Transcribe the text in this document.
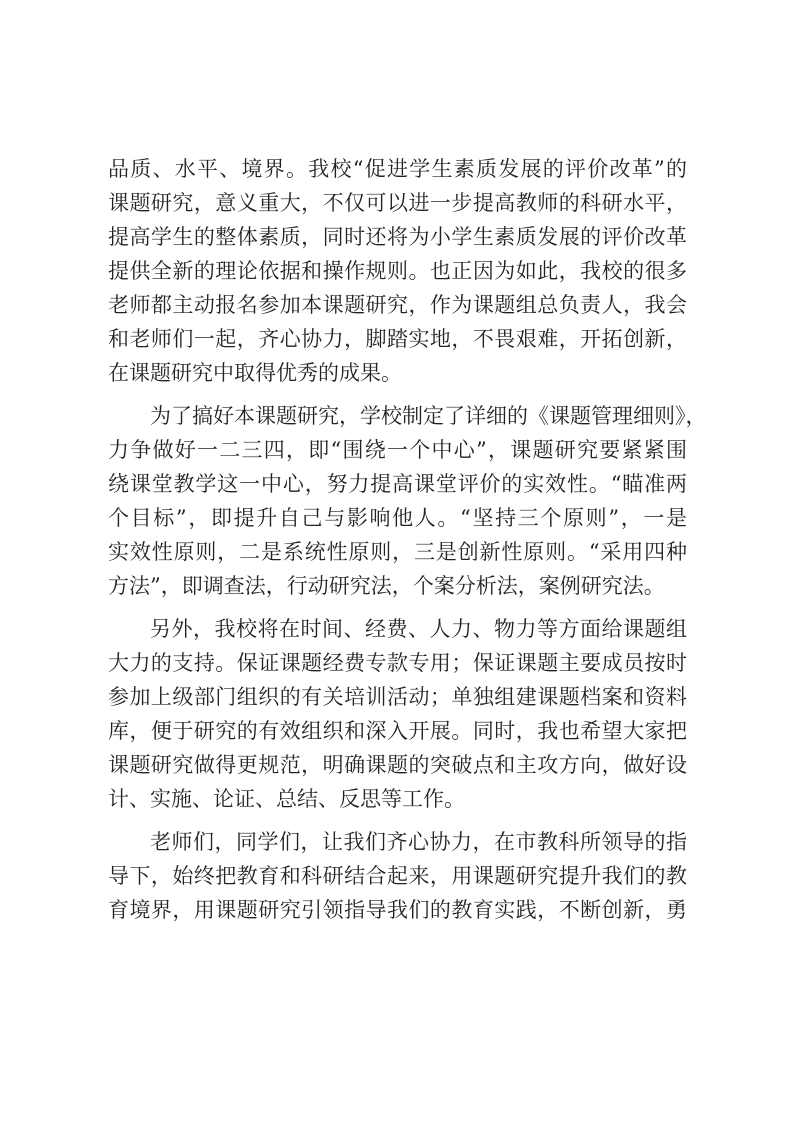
品质、水平、境界。我校“促进学生素质发展的评价改革”的
课题研究，意义重大，不仅可以进一步提高教师的科研水平，
提高学生的整体素质，同时还将为小学生素质发展的评价改革
提供全新的理论依据和操作规则。也正因为如此，我校的很多
老师都主动报名参加本课题研究，作为课题组总负责人，我会
和老师们一起，齐心协力，脚踏实地，不畏艰难，开拓创新，
在课题研究中取得优秀的成果。

为了搞好本课题研究，学校制定了详细的《课题管理细则》，
力争做好一二三四，即“围绕一个中心”，课题研究要紧紧围
绕课堂教学这一中心，努力提高课堂评价的实效性。“瞄准两
个目标”，即提升自己与影响他人。“坚持三个原则”，一是
实效性原则，二是系统性原则，三是创新性原则。“采用四种
方法”，即调查法，行动研究法，个案分析法，案例研究法。

另外，我校将在时间、经费、人力、物力等方面给课题组
大力的支持。保证课题经费专款专用；保证课题主要成员按时
参加上级部门组织的有关培训活动；单独组建课题档案和资料
库，便于研究的有效组织和深入开展。同时，我也希望大家把
课题研究做得更规范，明确课题的突破点和主攻方向，做好设
计、实施、论证、总结、反思等工作。

老师们，同学们，让我们齐心协力，在市教科所领导的指
导下，始终把教育和科研结合起来，用课题研究提升我们的教
育境界，用课题研究引领指导我们的教育实践，不断创新，勇
